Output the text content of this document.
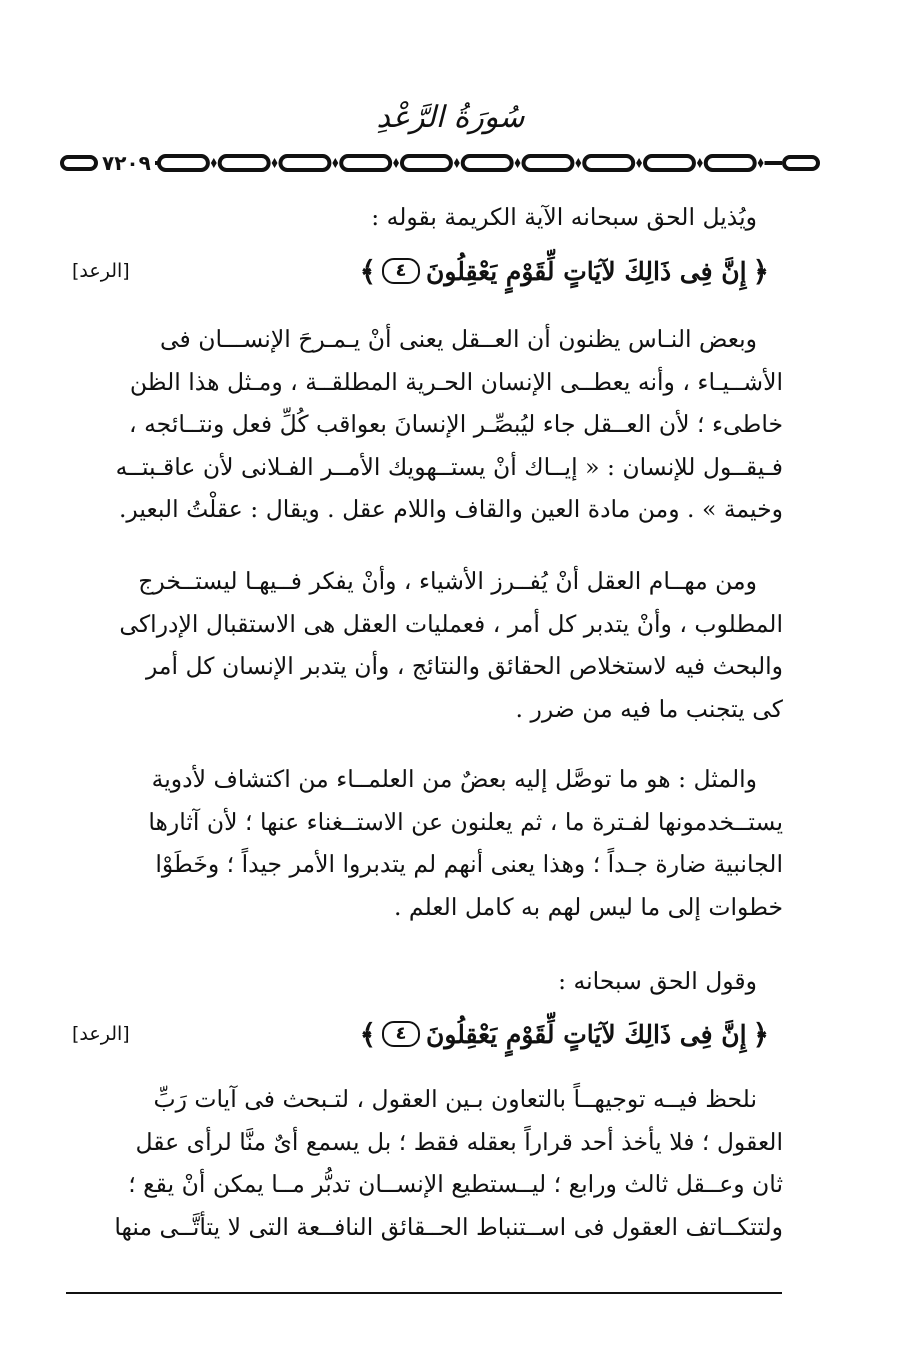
سُورَةُ الرَّعْدِ
٧٢٠٩
ويُذيل الحق سبحانه الآية الكريمة بقوله :
﴿
إِنَّ فِى ذَالِكَ لآيَاتٍ لِّقَوْمٍ يَعْقِلُونَ
٤
﴾
[الرعد]
وبعض النـاس يظنون أن العــقل يعنى أنْ يـمـرحَ الإنســـان فى
الأشــيـاء ، وأنه يعطــى الإنسان الحـرية المطلقــة ، ومـثل هذا الظن
خاطىء ؛ لأن العــقل جاء ليُبصِّـر الإنسانَ بعواقب كُلِّ فعل ونتــائجه ،
فـيقــول للإنسان : « إيــاك أنْ يستــهويك الأمــر الفـلانى لأن عاقـبتــه
وخيمة » . ومن مادة العين والقاف واللام عقل . ويقال : عقلْتُ البعير.
ومن مهــام العقل أنْ يُفــرز الأشياء ، وأنْ يفكر فــيهـا ليستــخرج
المطلوب ، وأنْ يتدبر كل أمر ، فعمليات العقل هى الاستقبال الإدراكى
والبحث فيه لاستخلاص الحقائق والنتائج ، وأن يتدبر الإنسان كل أمر
كى يتجنب ما فيه من ضرر .
والمثل : هو ما توصَّل إليه بعضٌ من العلمــاء من اكتشاف لأدوية
يستــخدمونها لفـترة ما ، ثم يعلنون عن الاستــغناء عنها ؛ لأن آثارها
الجانبية ضارة جـداً ؛ وهذا يعنى أنهم لم يتدبروا الأمر جيداً ؛ وخَطَوْا
خطوات إلى ما ليس لهم به كامل العلم .
وقول الحق سبحانه :
﴿
إِنَّ فِى ذَالِكَ لآيَاتٍ لِّقَوْمٍ يَعْقِلُونَ
٤
﴾
[الرعد]
نلحظ فيــه توجيهــاً بالتعاون بـين العقول ، لتـبحث فى آيات رَبِّ
العقول ؛ فلا يأخذ أحد قراراً بعقله فقط ؛ بل يسمع أىٌ منَّا لرأى عقل
ثان وعــقل ثالث ورابع ؛ ليــستطيع الإنســان تدبُّر مــا يمكن أنْ يقع ؛
ولتتكــاتف العقول فى اســتنباط الحــقائق النافــعة التى لا يتأتَّــى منها
